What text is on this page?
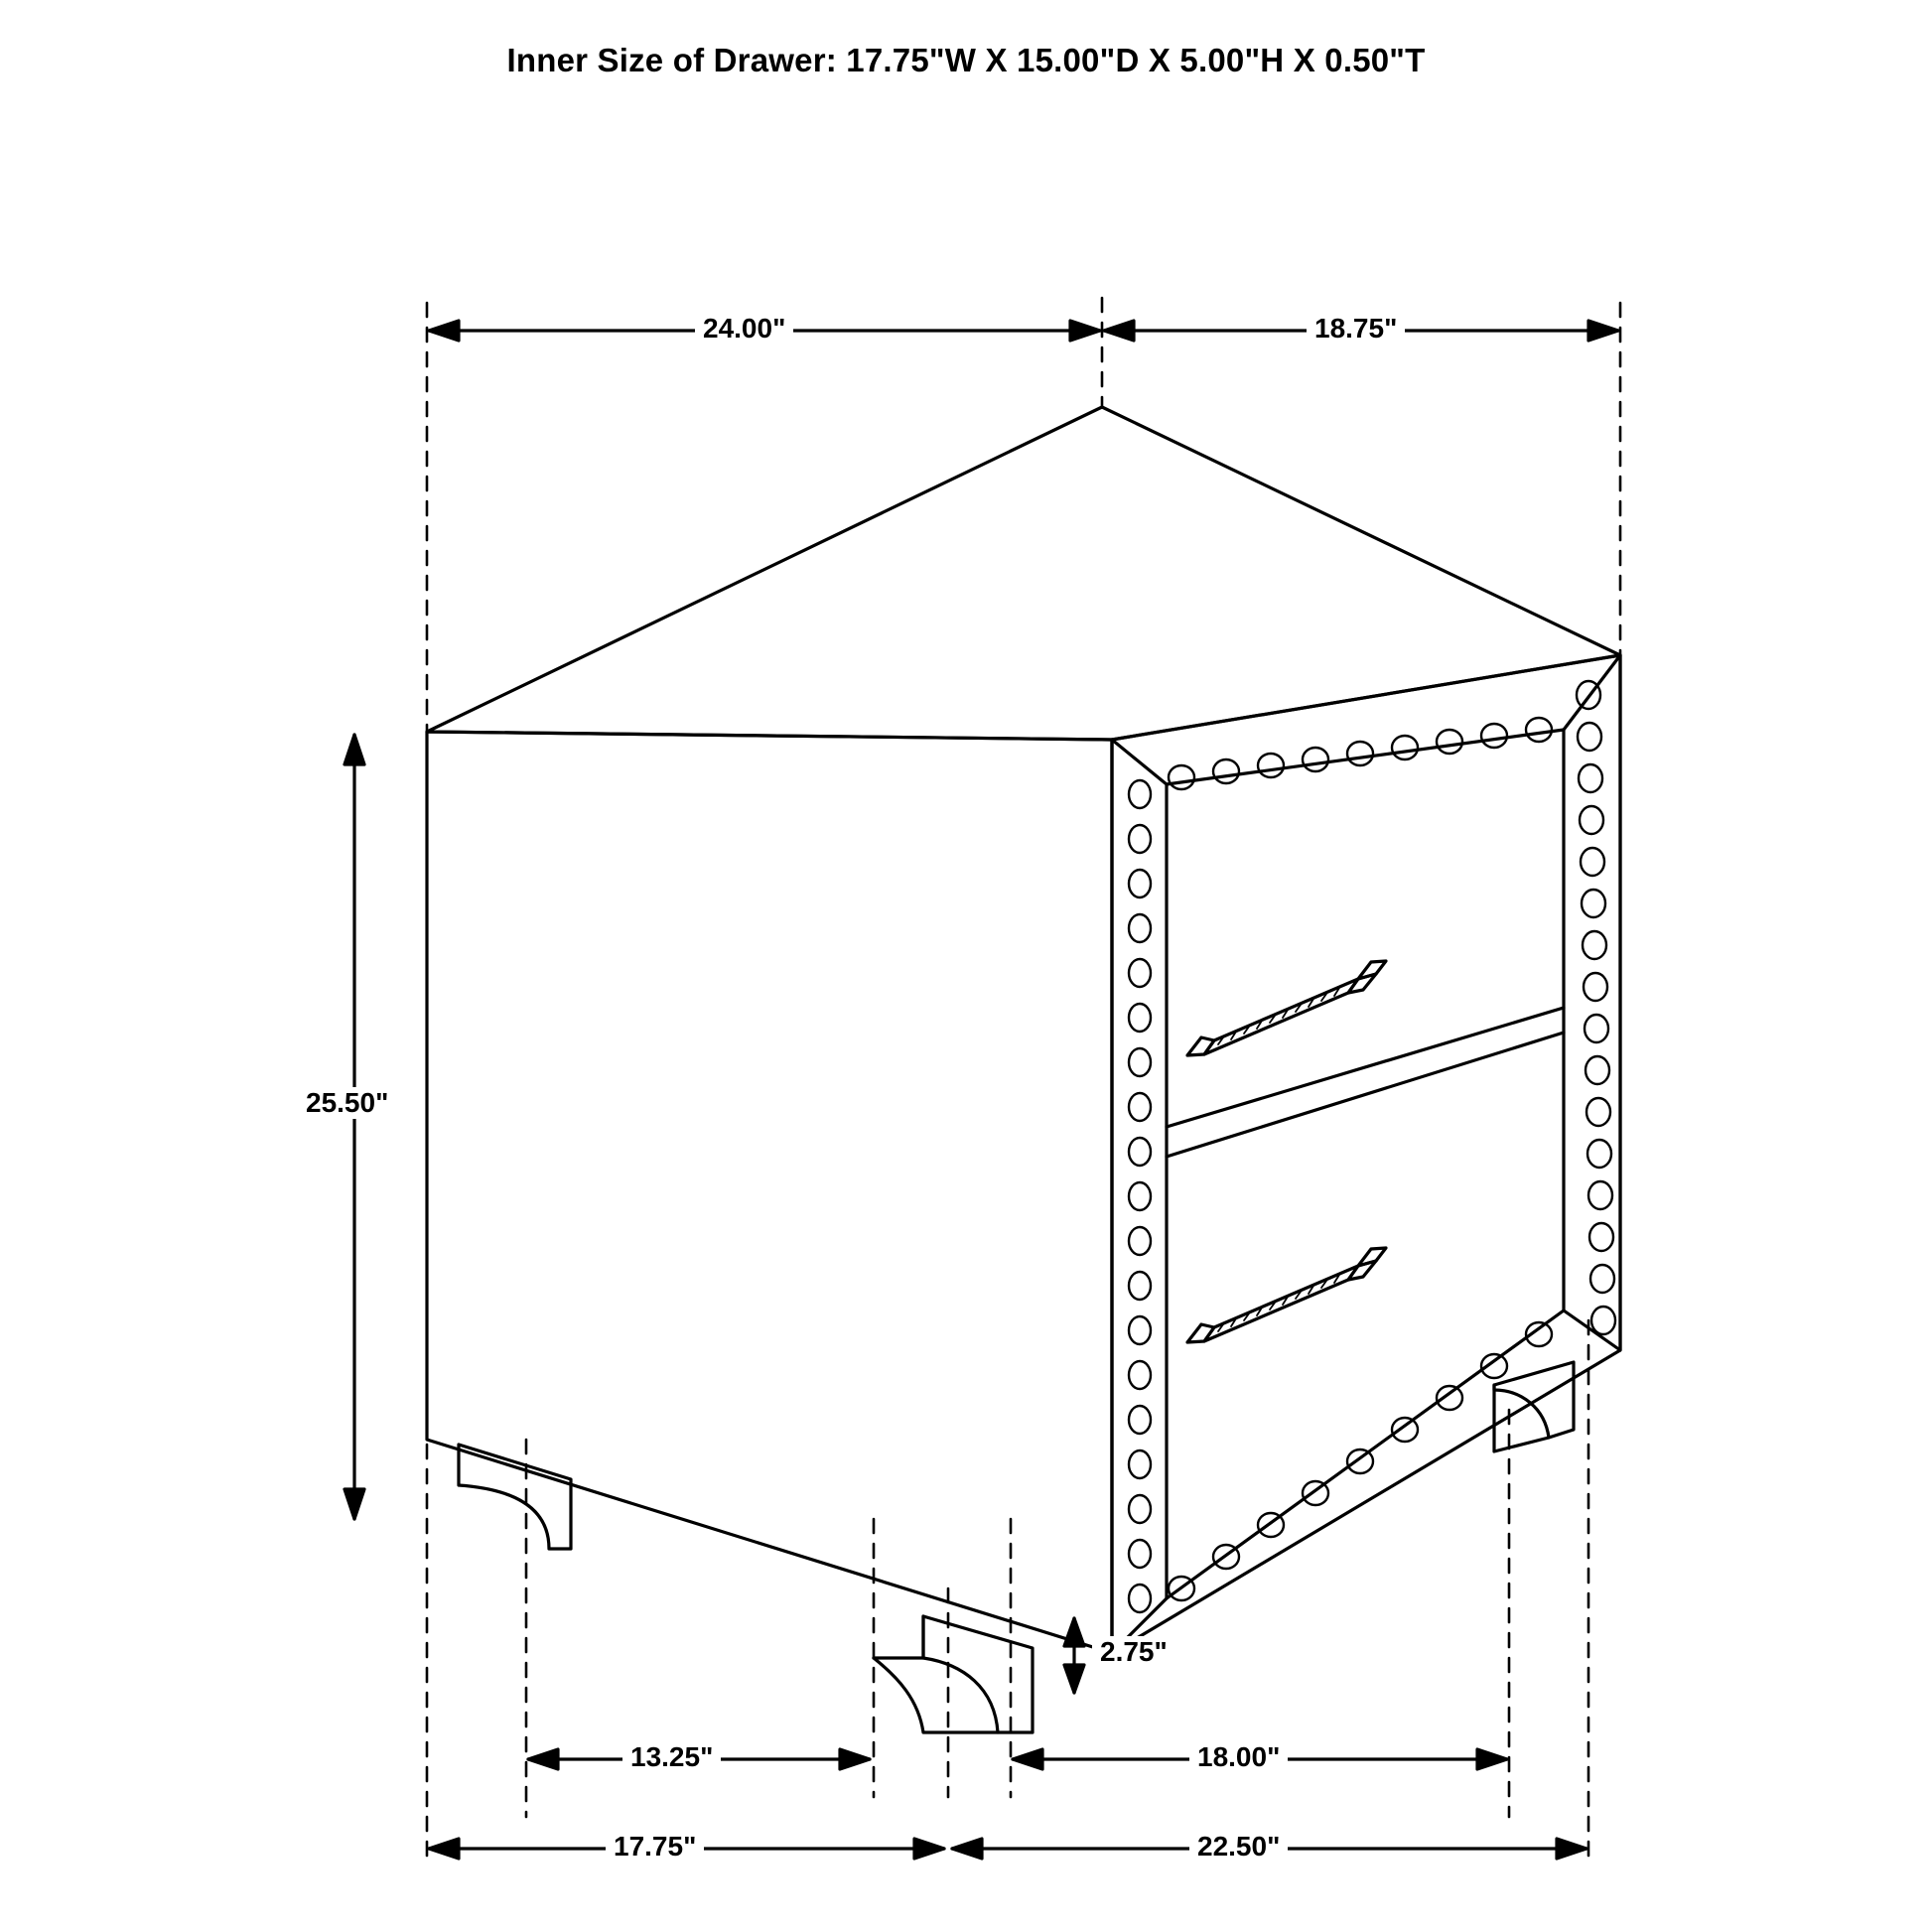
Inner Size of Drawer: 17.75"W X 15.00"D X 5.00"H X 0.50"T
24.00"	18.75"
25.50"
2.75"
13.25"	18.00"
17.75"	22.50"
